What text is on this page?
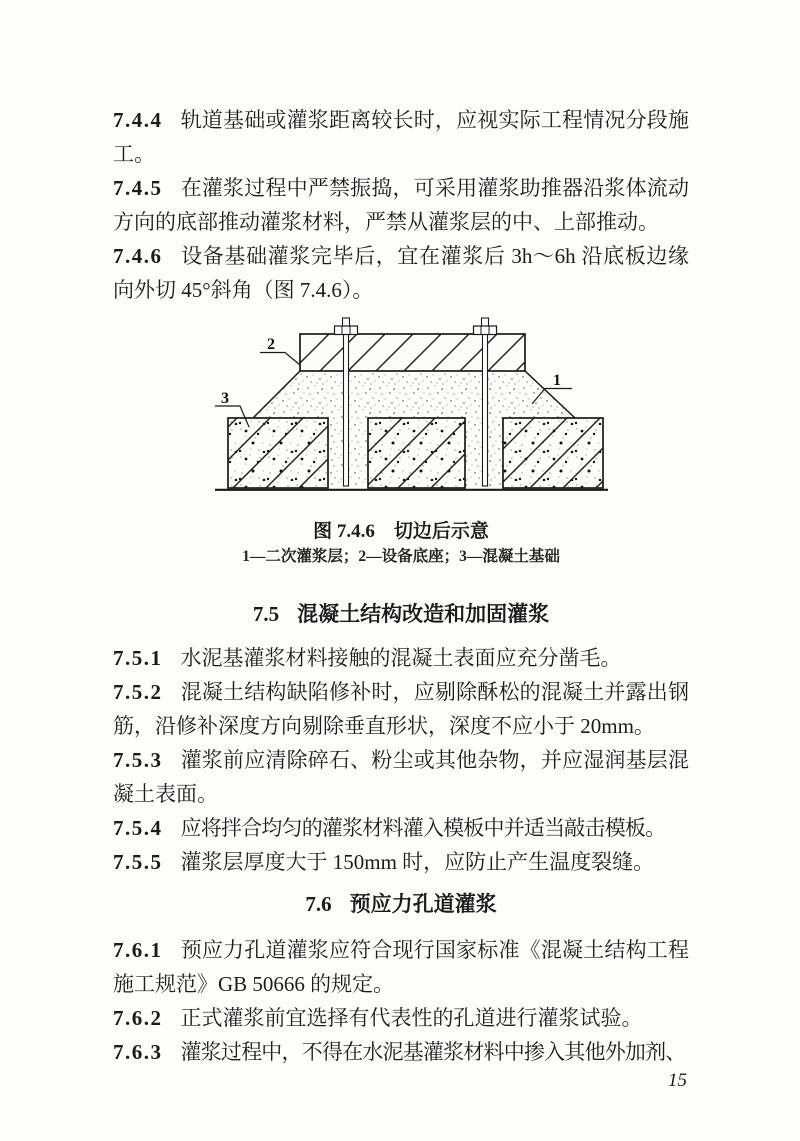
7.4.4 轨道基础或灌浆距离较长时，应视实际工程情况分段施工。

7.4.5 在灌浆过程中严禁振捣，可采用灌浆助推器沿浆体流动方向的底部推动灌浆材料，严禁从灌浆层的中、上部推动。

7.4.6 设备基础灌浆完毕后，宜在灌浆后 3h～6h 沿底板边缘向外切 45°斜角（图 7.4.6）。

2
3
1

图 7.4.6　切边后示意

1—二次灌浆层；2—设备底座；3—混凝土基础

7.5 混凝土结构改造和加固灌浆

7.5.1 水泥基灌浆材料接触的混凝土表面应充分凿毛。

7.5.2 混凝土结构缺陷修补时，应剔除酥松的混凝土并露出钢筋，沿修补深度方向剔除垂直形状，深度不应小于 20mm。

7.5.3 灌浆前应清除碎石、粉尘或其他杂物，并应湿润基层混凝土表面。

7.5.4 应将拌合均匀的灌浆材料灌入模板中并适当敲击模板。

7.5.5 灌浆层厚度大于 150mm 时，应防止产生温度裂缝。

7.6 预应力孔道灌浆

7.6.1 预应力孔道灌浆应符合现行国家标准《混凝土结构工程施工规范》GB 50666 的规定。

7.6.2 正式灌浆前宜选择有代表性的孔道进行灌浆试验。

7.6.3 灌浆过程中，不得在水泥基灌浆材料中掺入其他外加剂、

15
